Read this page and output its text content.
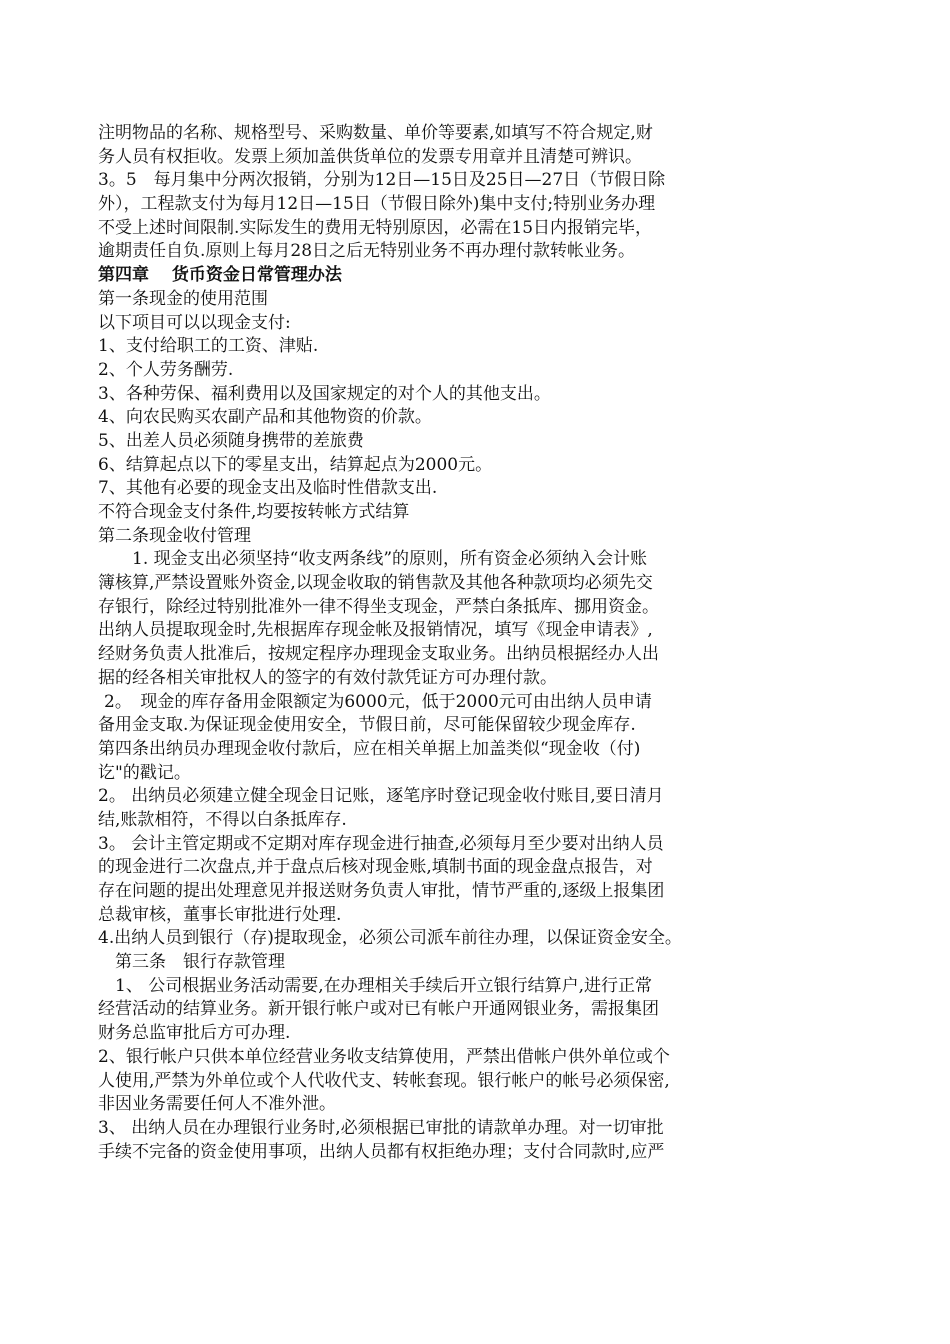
注明物品的名称、规格型号、采购数量、单价等要素,如填写不符合规定,财
务人员有权拒收。发票上须加盖供货单位的发票专用章并且清楚可辨识。
3。5　每月集中分两次报销，分别为12日—15日及25日—27日（节假日除
外），工程款支付为每月12日—15日（节假日除外)集中支付;特别业务办理
不受上述时间限制.实际发生的费用无特别原因，必需在15日内报销完毕，
逾期责任自负.原则上每月28日之后无特别业务不再办理付款转帐业务。
第四章　 货币资金日常管理办法
第一条现金的使用范围
以下项目可以以现金支付:
1、支付给职工的工资、津贴.
2、个人劳务酬劳.
3、各种劳保、福利费用以及国家规定的对个人的其他支出。
4、向农民购买农副产品和其他物资的价款。
5、出差人员必须随身携带的差旅费
6、结算起点以下的零星支出，结算起点为2000元。
7、其他有必要的现金支出及临时性借款支出.
不符合现金支付条件,均要按转帐方式结算
第二条现金收付管理
1. 现金支出必须坚持“收支两条线”的原则，所有资金必须纳入会计账
簿核算,严禁设置账外资金,以现金收取的销售款及其他各种款项均必须先交
存银行，除经过特别批准外一律不得坐支现金，严禁白条抵库、挪用资金。
出纳人员提取现金时,先根据库存现金帐及报销情况，填写《现金申请表》,
经财务负责人批准后，按规定程序办理现金支取业务。出纳员根据经办人出
据的经各相关审批权人的签字的有效付款凭证方可办理付款。
2。　现金的库存备用金限额定为6000元，低于2000元可由出纳人员申请
备用金支取.为保证现金使用安全，节假日前，尽可能保留较少现金库存.
第四条出纳员办理现金收付款后，应在相关单据上加盖类似“现金收（付)
讫"的戳记。
2。 出纳员必须建立健全现金日记账，逐笔序时登记现金收付账目,要日清月
结,账款相符，不得以白条抵库存.
3。 会计主管定期或不定期对库存现金进行抽查,必须每月至少要对出纳人员
的现金进行二次盘点,并于盘点后核对现金账,填制书面的现金盘点报告，对
存在问题的提出处理意见并报送财务负责人审批，情节严重的,逐级上报集团
总裁审核，董事长审批进行处理.
4.出纳人员到银行（存)提取现金，必须公司派车前往办理，以保证资金安全。
第三条　银行存款管理
1、 公司根据业务活动需要,在办理相关手续后开立银行结算户,进行正常
经营活动的结算业务。新开银行帐户或对已有帐户开通网银业务，需报集团
财务总监审批后方可办理.
2、银行帐户只供本单位经营业务收支结算使用，严禁出借帐户供外单位或个
人使用,严禁为外单位或个人代收代支、转帐套现。银行帐户的帐号必须保密,
非因业务需要任何人不准外泄。
3、 出纳人员在办理银行业务时,必须根据已审批的请款单办理。对一切审批
手续不完备的资金使用事项，出纳人员都有权拒绝办理；支付合同款时,应严
